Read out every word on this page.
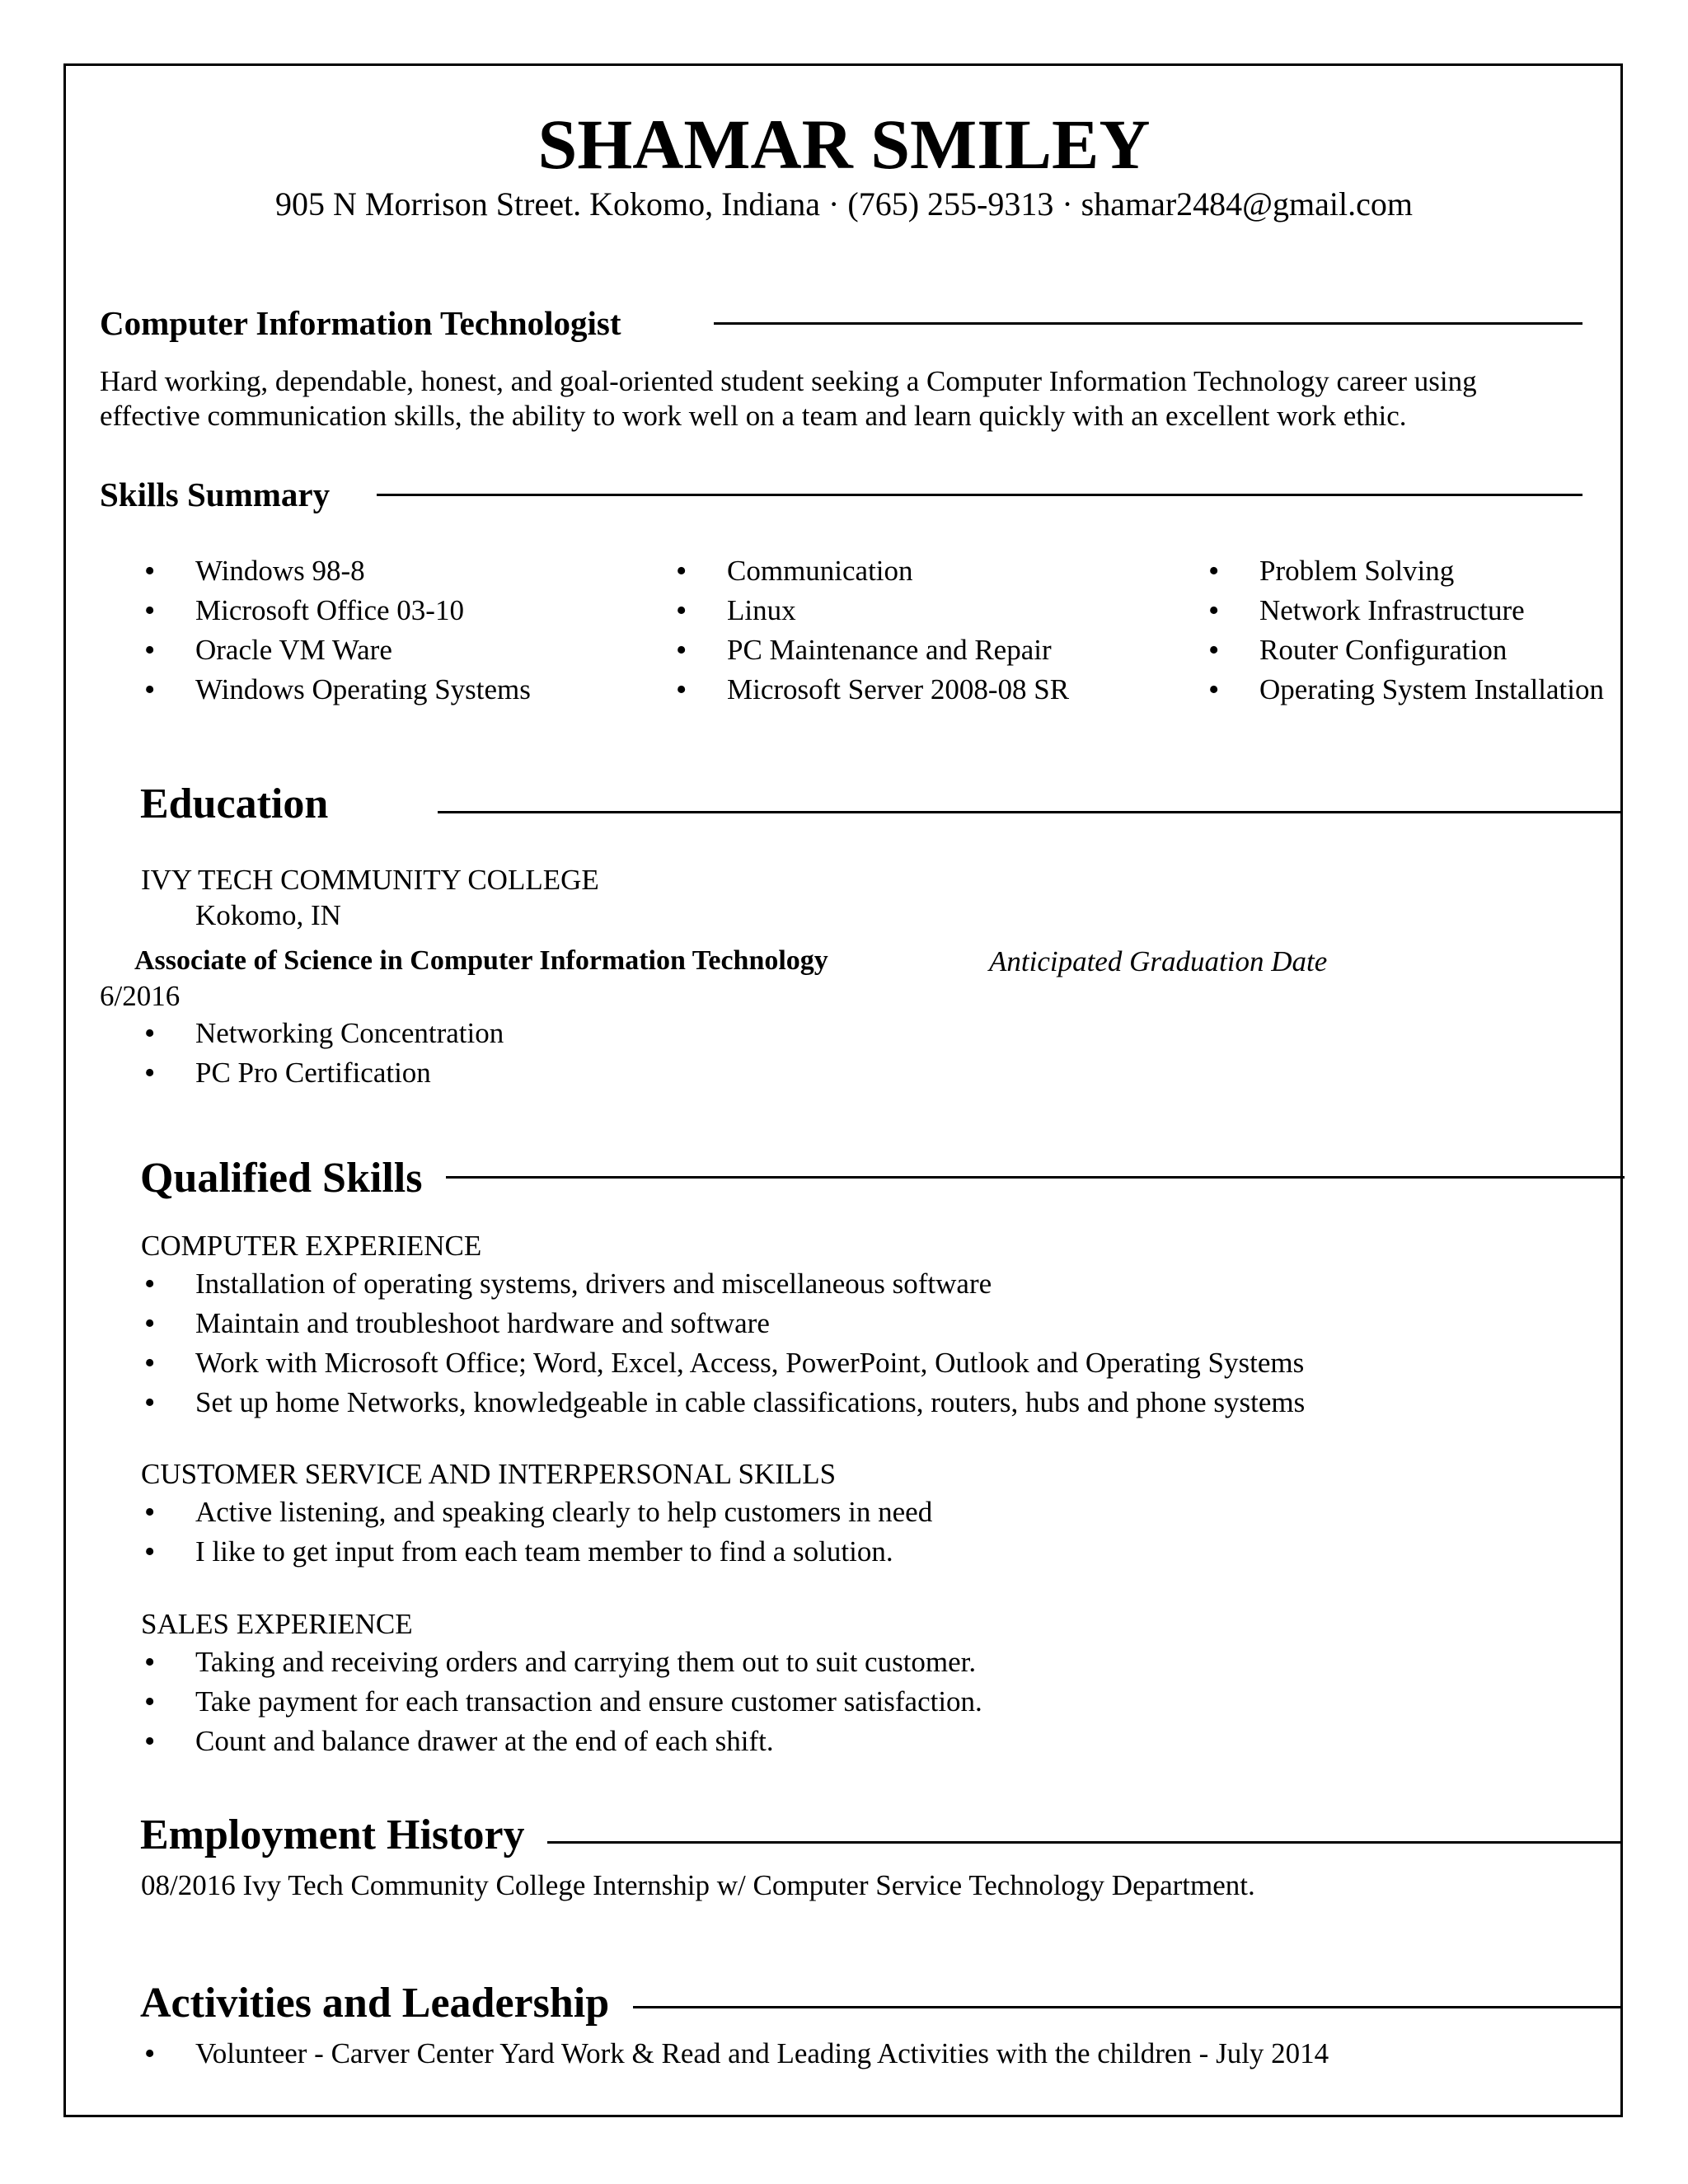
SHAMAR SMILEY
905 N Morrison Street. Kokomo, Indiana · (765) 255-9313 · shamar2484@gmail.com
Computer Information Technologist
Hard working, dependable, honest, and goal-oriented student seeking a Computer Information Technology career using effective communication skills, the ability to work well on a team and learn quickly with an excellent work ethic.
Skills Summary
• Windows 98-8
• Microsoft Office 03-10
• Oracle VM Ware
• Windows Operating Systems
• Communication
• Linux
• PC Maintenance and Repair
• Microsoft Server 2008-08 SR
• Problem Solving
• Network Infrastructure
• Router Configuration
• Operating System Installation
Education
IVY TECH COMMUNITY COLLEGE
Kokomo, IN
Associate of Science in Computer Information Technology	Anticipated Graduation Date
6/2016
• Networking Concentration
• PC Pro Certification
Qualified Skills
COMPUTER EXPERIENCE
• Installation of operating systems, drivers and miscellaneous software
• Maintain and troubleshoot hardware and software
• Work with Microsoft Office; Word, Excel, Access, PowerPoint, Outlook and Operating Systems
• Set up home Networks, knowledgeable in cable classifications, routers, hubs and phone systems
CUSTOMER SERVICE AND INTERPERSONAL SKILLS
• Active listening, and speaking clearly to help customers in need
• I like to get input from each team member to find a solution.
SALES EXPERIENCE
• Taking and receiving orders and carrying them out to suit customer.
• Take payment for each transaction and ensure customer satisfaction.
• Count and balance drawer at the end of each shift.
Employment History
08/2016 Ivy Tech Community College Internship w/ Computer Service Technology Department.
Activities and Leadership
• Volunteer - Carver Center Yard Work & Read and Leading Activities with the children - July 2014
